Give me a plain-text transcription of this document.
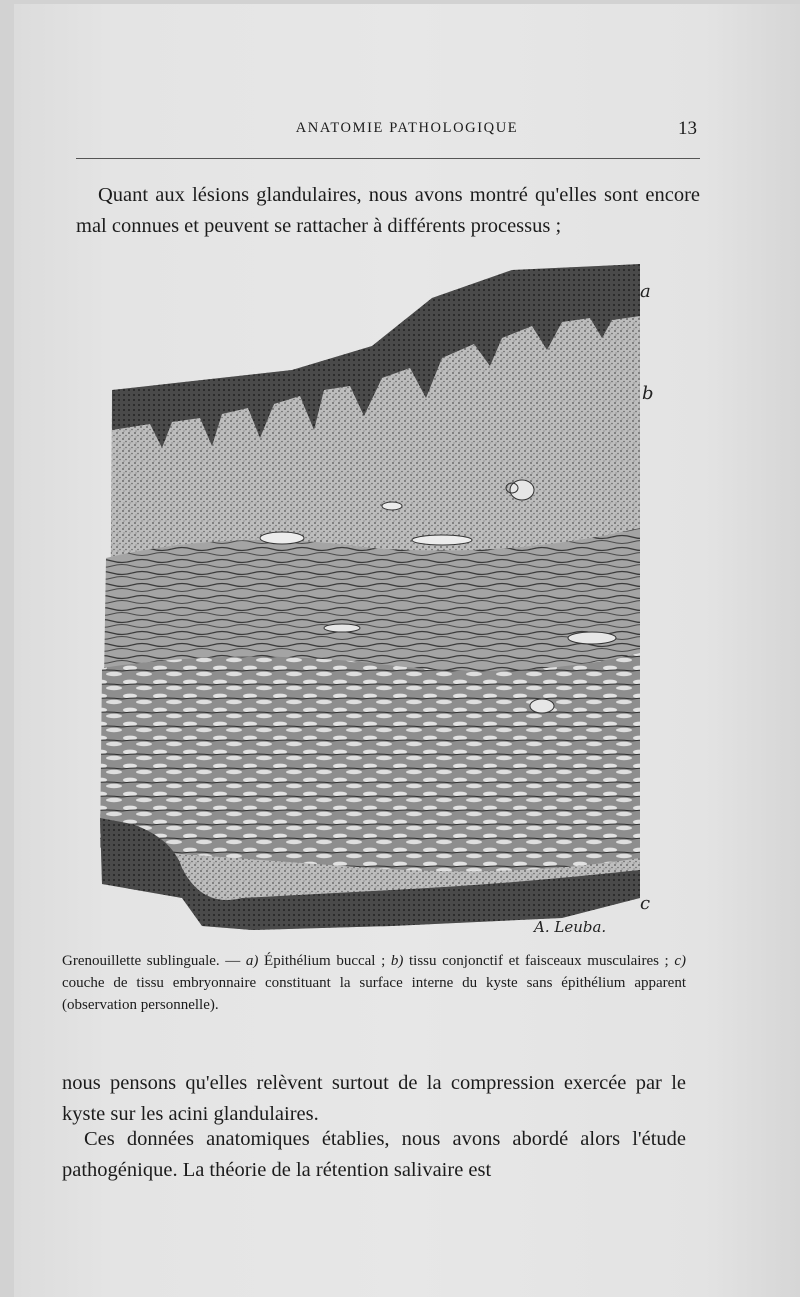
ANATOMIE PATHOLOGIQUE	13

Quant aux lésions glandulaires, nous avons montré qu'elles sont encore mal connues et peuvent se rattacher à différents processus ;

a
b
c
A. Leuba.
Grenouillette sublinguale. — a) Épithélium buccal ; b) tissu conjonctif et faisceaux musculaires ; c) couche de tissu embryonnaire constituant la surface interne du kyste sans épithélium apparent (observation personnelle).

nous pensons qu'elles relèvent surtout de la compression exercée par le kyste sur les acini glandulaires.

Ces données anatomiques établies, nous avons abordé alors l'étude pathogénique. La théorie de la rétention salivaire est
